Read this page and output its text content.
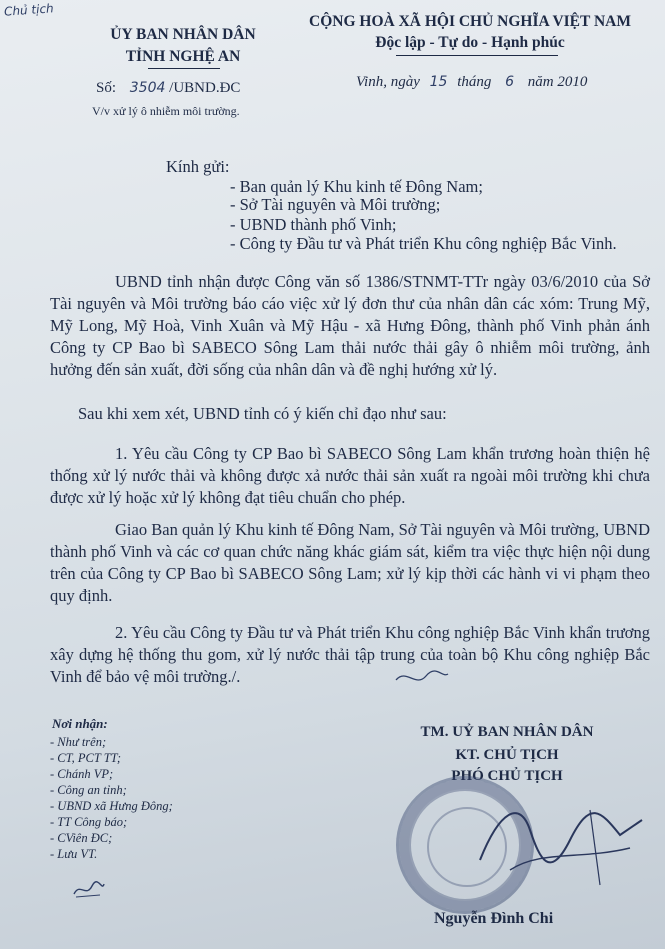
Chủ tịch
ỦY BAN NHÂN DÂN
TỈNH NGHỆ AN
Số: 3504 /UBND.ĐC
V/v xử lý ô nhiễm môi trường.
CỘNG HOÀ XÃ HỘI CHỦ NGHĨA VIỆT NAM
Độc lập - Tự do - Hạnh phúc
Vinh, ngày 15 tháng 6 năm 2010
Kính gửi:
- Ban quản lý Khu kinh tế Đông Nam;
- Sở Tài nguyên và Môi trường;
- UBND thành phố Vinh;
- Công ty Đầu tư và Phát triển Khu công nghiệp Bắc Vinh.
UBND tỉnh nhận được Công văn số 1386/STNMT-TTr ngày 03/6/2010 của Sở Tài nguyên và Môi trường báo cáo việc xử lý đơn thư của nhân dân các xóm: Trung Mỹ, Mỹ Long, Mỹ Hoà, Vinh Xuân và Mỹ Hậu - xã Hưng Đông, thành phố Vinh phản ánh Công ty CP Bao bì SABECO Sông Lam thải nước thải gây ô nhiễm môi trường, ảnh hưởng đến sản xuất, đời sống của nhân dân và đề nghị hướng xử lý.
Sau khi xem xét, UBND tỉnh có ý kiến chỉ đạo như sau:
1. Yêu cầu Công ty CP Bao bì SABECO Sông Lam khẩn trương hoàn thiện hệ thống xử lý nước thải và không được xả nước thải sản xuất ra ngoài môi trường khi chưa được xử lý hoặc xử lý không đạt tiêu chuẩn cho phép.
Giao Ban quản lý Khu kinh tế Đông Nam, Sở Tài nguyên và Môi trường, UBND thành phố Vinh và các cơ quan chức năng khác giám sát, kiểm tra việc thực hiện nội dung trên của Công ty CP Bao bì SABECO Sông Lam; xử lý kịp thời các hành vi vi phạm theo quy định.
2. Yêu cầu Công ty Đầu tư và Phát triển Khu công nghiệp Bắc Vinh khẩn trương xây dựng hệ thống thu gom, xử lý nước thải tập trung của toàn bộ Khu công nghiệp Bắc Vinh để bảo vệ môi trường./.
Nơi nhận:
- Như trên;
- CT, PCT TT;
- Chánh VP;
- Công an tỉnh;
- UBND xã Hưng Đông;
- TT Công báo;
- CViên ĐC;
- Lưu VT.
TM. UỶ BAN NHÂN DÂN
KT. CHỦ TỊCH
PHÓ CHỦ TỊCH
Nguyễn Đình Chi
